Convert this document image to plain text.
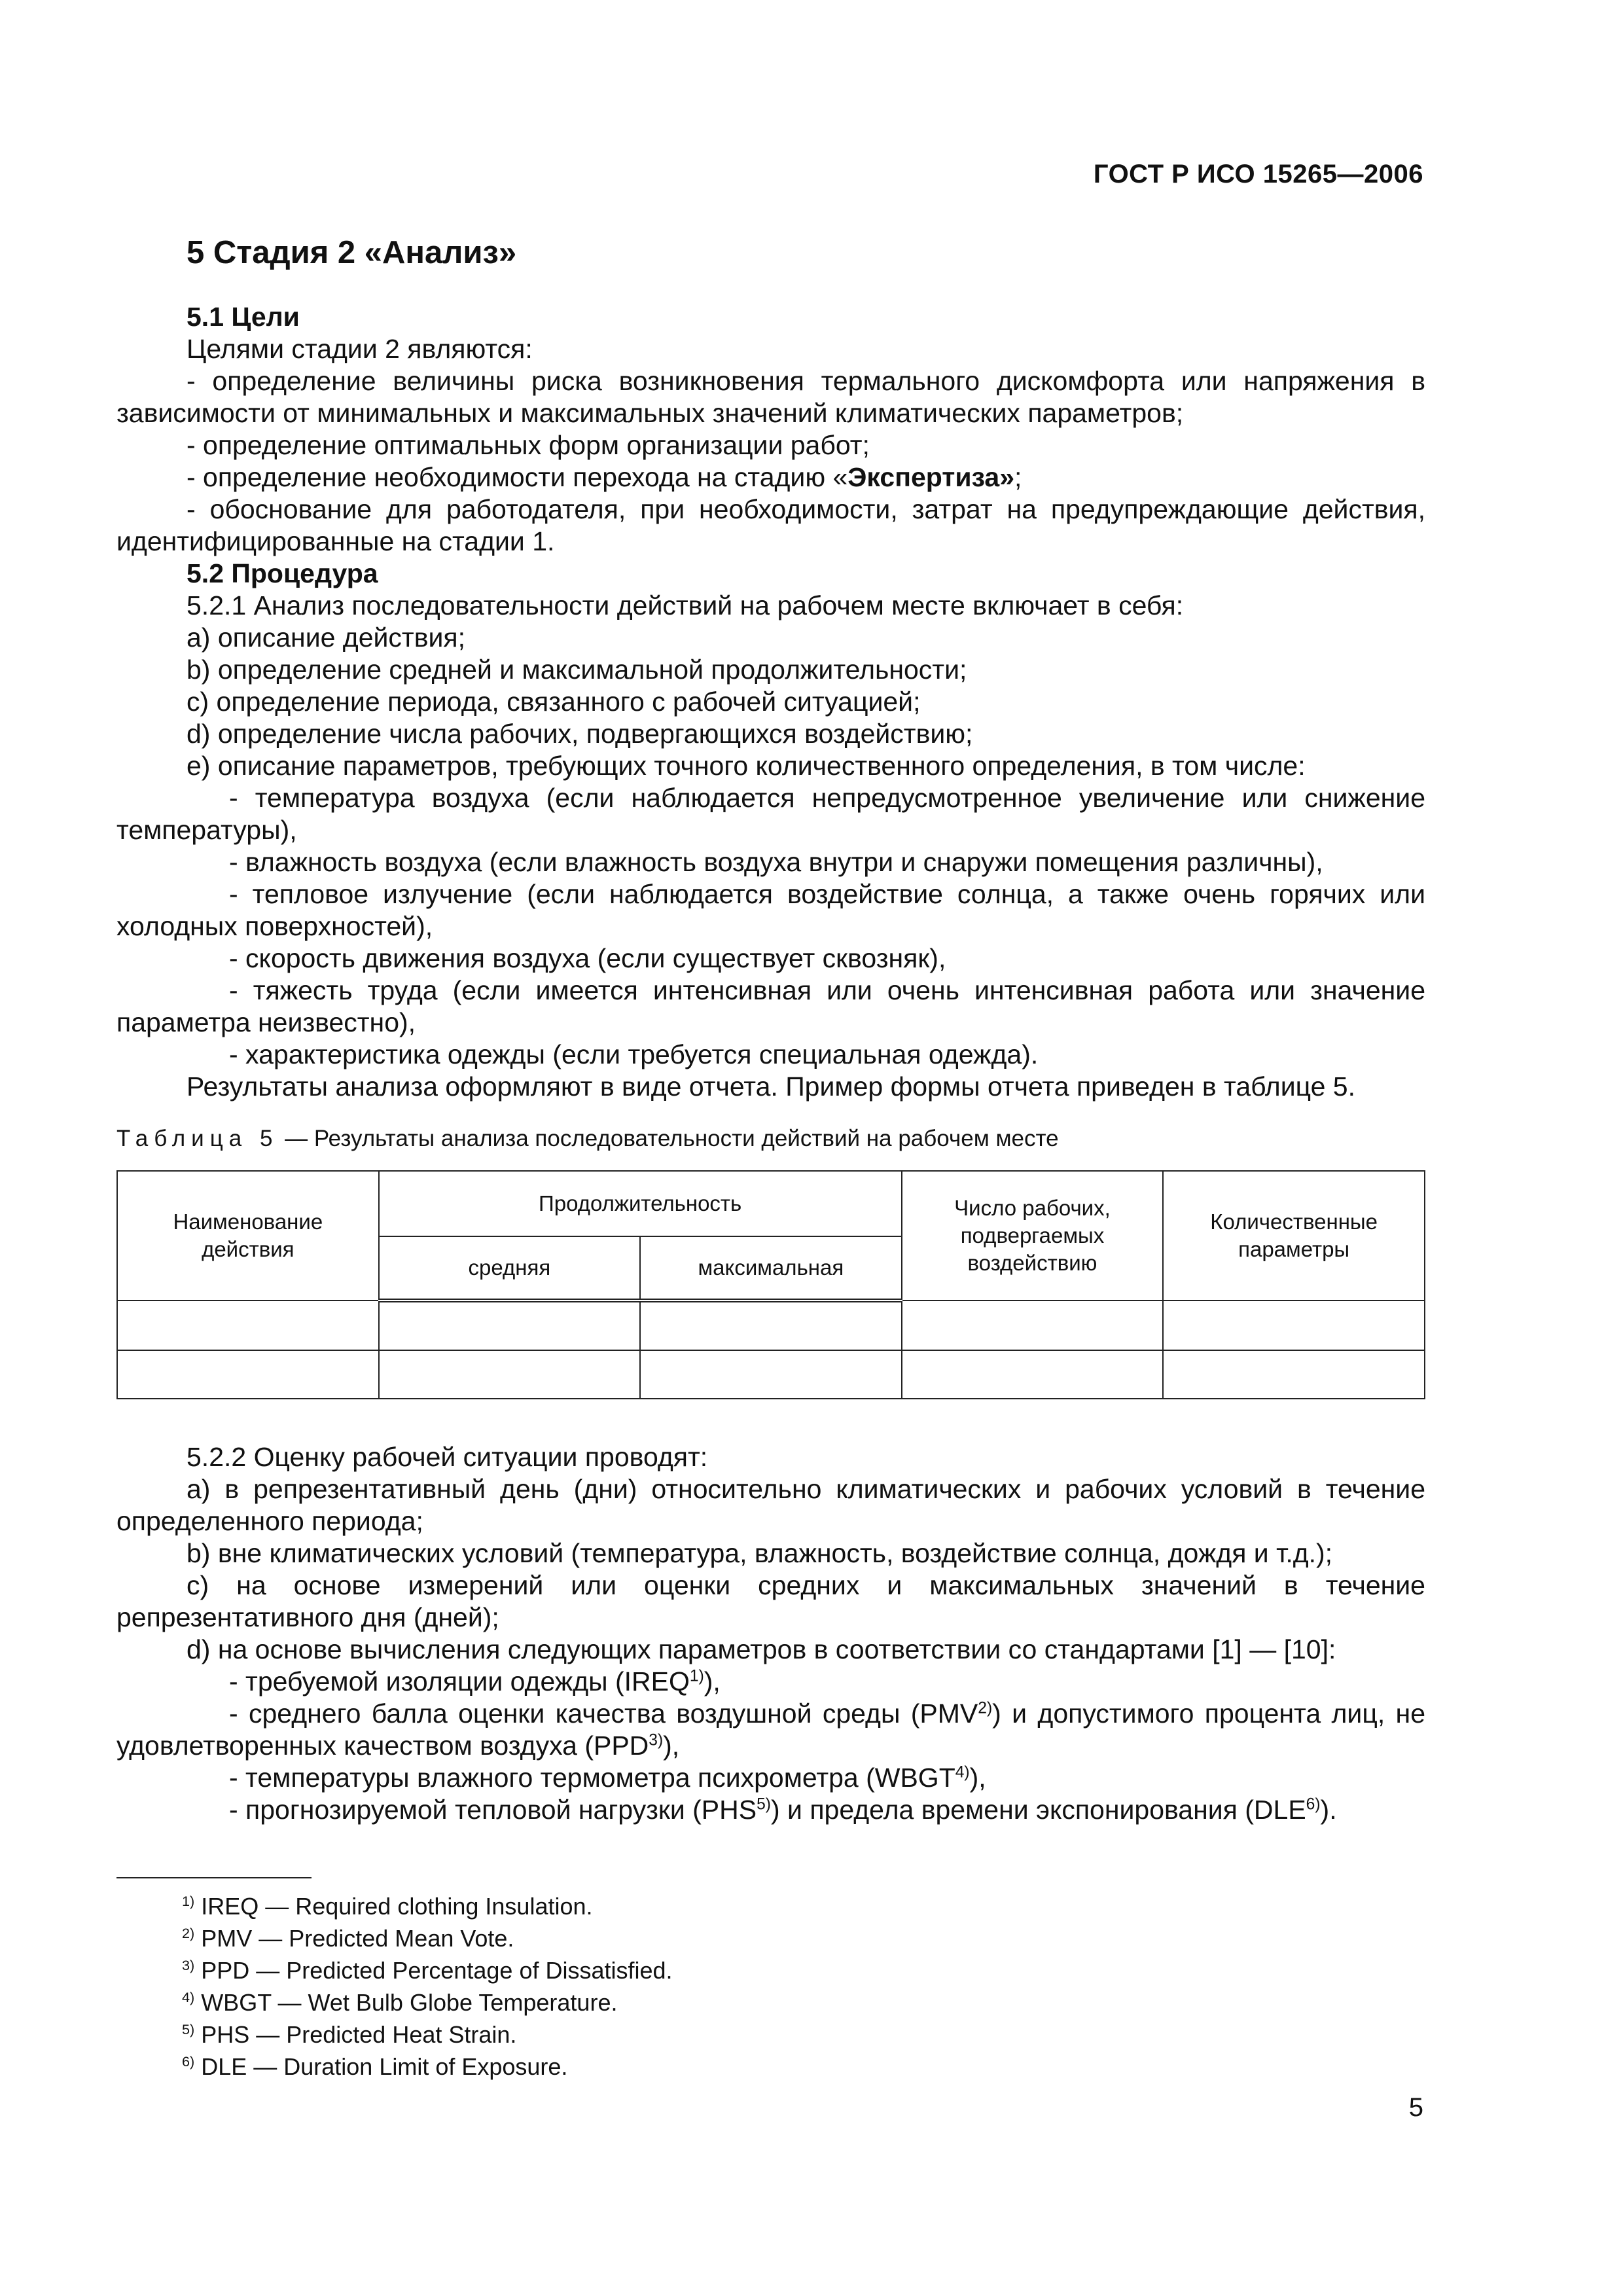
ГОСТ Р ИСО 15265—2006
5 Стадия 2 «Анализ»
5.1 Цели

Целями стадии 2 являются:

- определение величины риска возникновения термального дискомфорта или напряжения в зависимости от минимальных и максимальных значений климатических параметров;

- определение оптимальных форм организации работ;

- определение необходимости перехода на стадию «Экспертиза»;

- обоснование для работодателя, при необходимости, затрат на предупреждающие действия, идентифицированные на стадии 1.

5.2 Процедура

5.2.1 Анализ последовательности действий на рабочем месте включает в себя:

a) описание действия;

b) определение средней и максимальной продолжительности;

c) определение периода, связанного с рабочей ситуацией;

d) определение числа рабочих, подвергающихся воздействию;

e) описание параметров, требующих точного количественного определения, в том числе:

- температура воздуха (если наблюдается непредусмотренное увеличение или снижение температуры),

- влажность воздуха (если влажность воздуха внутри и снаружи помещения различны),

- тепловое излучение (если наблюдается воздействие солнца, а также очень горячих или холодных поверхностей),

- скорость движения воздуха (если существует сквозняк),

- тяжесть труда (если имеется интенсивная или очень интенсивная работа или значение параметра неизвестно),

- характеристика одежды (если требуется специальная одежда).

Результаты анализа оформляют в виде отчета. Пример формы отчета приведен в таблице 5.

Таблица 5 — Результаты анализа последовательности действий на рабочем месте
Наименование действия	Продолжительность		Число рабочих, подвергаемых воздействию	Количественные параметры
	средняя	максимальная		

5.2.2 Оценку рабочей ситуации проводят:

a) в репрезентативный день (дни) относительно климатических и рабочих условий в течение определенного периода;

b) вне климатических условий (температура, влажность, воздействие солнца, дождя и т.д.);

c) на основе измерений или оценки средних и максимальных значений в течение репрезентативного дня (дней);

d) на основе вычисления следующих параметров в соответствии со стандартами [1] — [10]:

- требуемой изоляции одежды (IREQ$^{1)}$),

- среднего балла оценки качества воздушной среды (PMV$^{2)}$) и допустимого процента лиц, не удовлетворенных качеством воздуха (PPD$^{3)}$),

- температуры влажного термометра психрометра (WBGT$^{4)}$),

- прогнозируемой тепловой нагрузки (PHS$^{5)}$) и предела времени экспонирования (DLE$^{6)}$).

$^{1)}$ IREQ — Required clothing Insulation.
$^{2)}$ PMV — Predicted Mean Vote.
$^{3)}$ PPD — Predicted Percentage of Dissatisfied.
$^{4)}$ WBGT — Wet Bulb Globe Temperature.
$^{5)}$ PHS — Predicted Heat Strain.
$^{6)}$ DLE — Duration Limit of Exposure.
5
